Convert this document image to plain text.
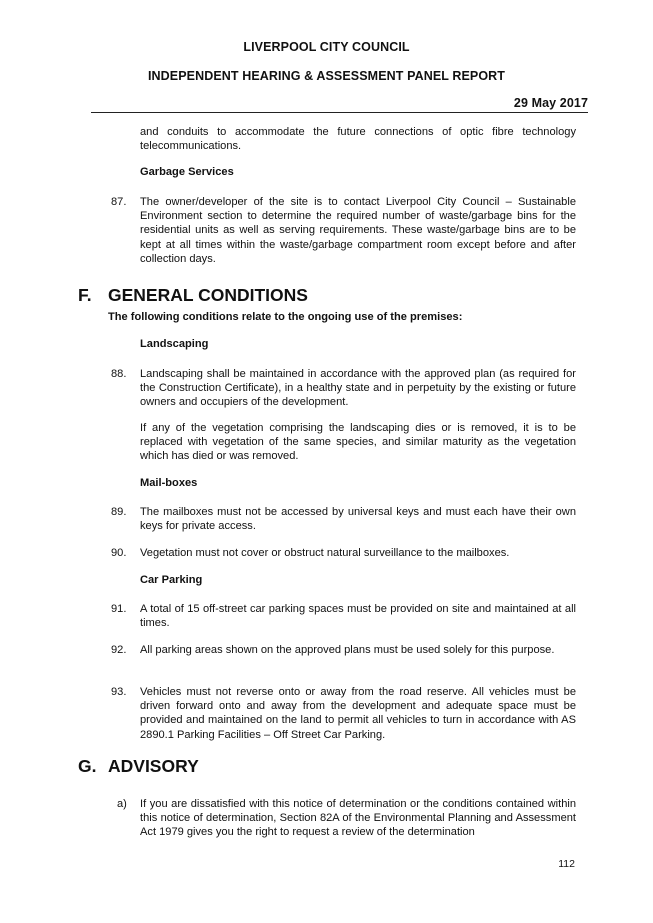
LIVERPOOL CITY COUNCIL
INDEPENDENT HEARING & ASSESSMENT PANEL REPORT
29 May 2017
and conduits to accommodate the future connections of optic fibre technology telecommunications.
Garbage Services
87. The owner/developer of the site is to contact Liverpool City Council – Sustainable Environment section to determine the required number of waste/garbage bins for the residential units as well as serving requirements. These waste/garbage bins are to be kept at all times within the waste/garbage compartment room except before and after collection days.
F. GENERAL CONDITIONS
The following conditions relate to the ongoing use of the premises:
Landscaping
88. Landscaping shall be maintained in accordance with the approved plan (as required for the Construction Certificate), in a healthy state and in perpetuity by the existing or future owners and occupiers of the development.
If any of the vegetation comprising the landscaping dies or is removed, it is to be replaced with vegetation of the same species, and similar maturity as the vegetation which has died or was removed.
Mail-boxes
89. The mailboxes must not be accessed by universal keys and must each have their own keys for private access.
90. Vegetation must not cover or obstruct natural surveillance to the mailboxes.
Car Parking
91. A total of 15 off-street car parking spaces must be provided on site and maintained at all times.
92. All parking areas shown on the approved plans must be used solely for this purpose.
93. Vehicles must not reverse onto or away from the road reserve. All vehicles must be driven forward onto and away from the development and adequate space must be provided and maintained on the land to permit all vehicles to turn in accordance with AS 2890.1 Parking Facilities – Off Street Car Parking.
G. ADVISORY
a) If you are dissatisfied with this notice of determination or the conditions contained within this notice of determination, Section 82A of the Environmental Planning and Assessment Act 1979 gives you the right to request a review of the determination
112
